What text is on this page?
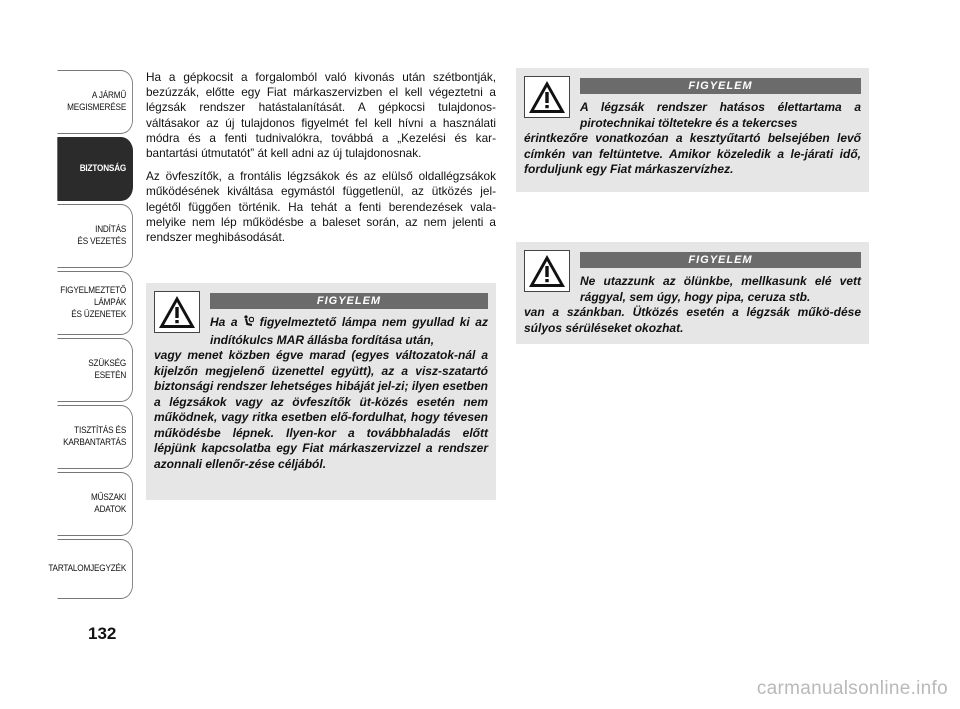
A JÁRMŰ
MEGISMERÉSE
BIZTONSÁG
INDÍTÁS
ÉS VEZETÉS
FIGYELMEZTETŐ
LÁMPÁK
ÉS ÜZENETEK
SZÜKSÉG
ESETÉN
TISZTÍTÁS ÉS
KARBANTARTÁS
MŰSZAKI
ADATOK
TARTALOMJEGYZÉK
132

Ha a gépkocsit a forgalomból való kivonás után szétbontják, bezúzzák, előtte egy Fiat márkaszervizben el kell végeztetni a légzsák rendszer hatástalanítását. A gépkocsi tulajdonos-váltásakor az új tulajdonos figyelmét fel kell hívni a használati módra és a fenti tudnivalókra, továbbá a „Kezelési és kar-bantartási útmutatót” át kell adni az új tulajdonosnak.

Az övfeszítők, a frontális légzsákok és az elülső oldallégzsákok működésének kiváltása egymástól függetlenül, az ütközés jel-legétől függően történik. Ha tehát a fenti berendezések vala-melyike nem lép működésbe a baleset során, az nem jelenti a rendszer meghibásodását.

FIGYELEM
Ha a figyelmeztető lámpa nem gyullad ki az indítókulcs MAR állásba fordítása után,
vagy menet közben égve marad (egyes változatok-nál a kijelzőn megjelenő üzenettel együtt), az a visz-szatartó biztonsági rendszer lehetséges hibáját jel-zi; ilyen esetben a légzsákok vagy az övfeszítők üt-közés esetén nem működnek, vagy ritka esetben elő-fordulhat, hogy tévesen működésbe lépnek. Ilyen-kor a továbbhaladás előtt lépjünk kapcsolatba egy Fiat márkaszervizzel a rendszer azonnali ellenőr-zése céljából.
FIGYELEM
A légzsák rendszer hatásos élettartama a pirotechnikai töltetekre és a tekercses
érintkezőre vonatkozóan a kesztyűtartó belsejében levő címkén van feltüntetve. Amikor közeledik a le-járati idő, forduljunk egy Fiat márkaszervízhez.
FIGYELEM
Ne utazzunk az ölünkbe, mellkasunk elé vett rággyal, sem úgy, hogy pipa, ceruza stb.
van a szánkban. Ütközés esetén a légzsák műkö-dése súlyos sérüléseket okozhat.
carmanualsonline.info
